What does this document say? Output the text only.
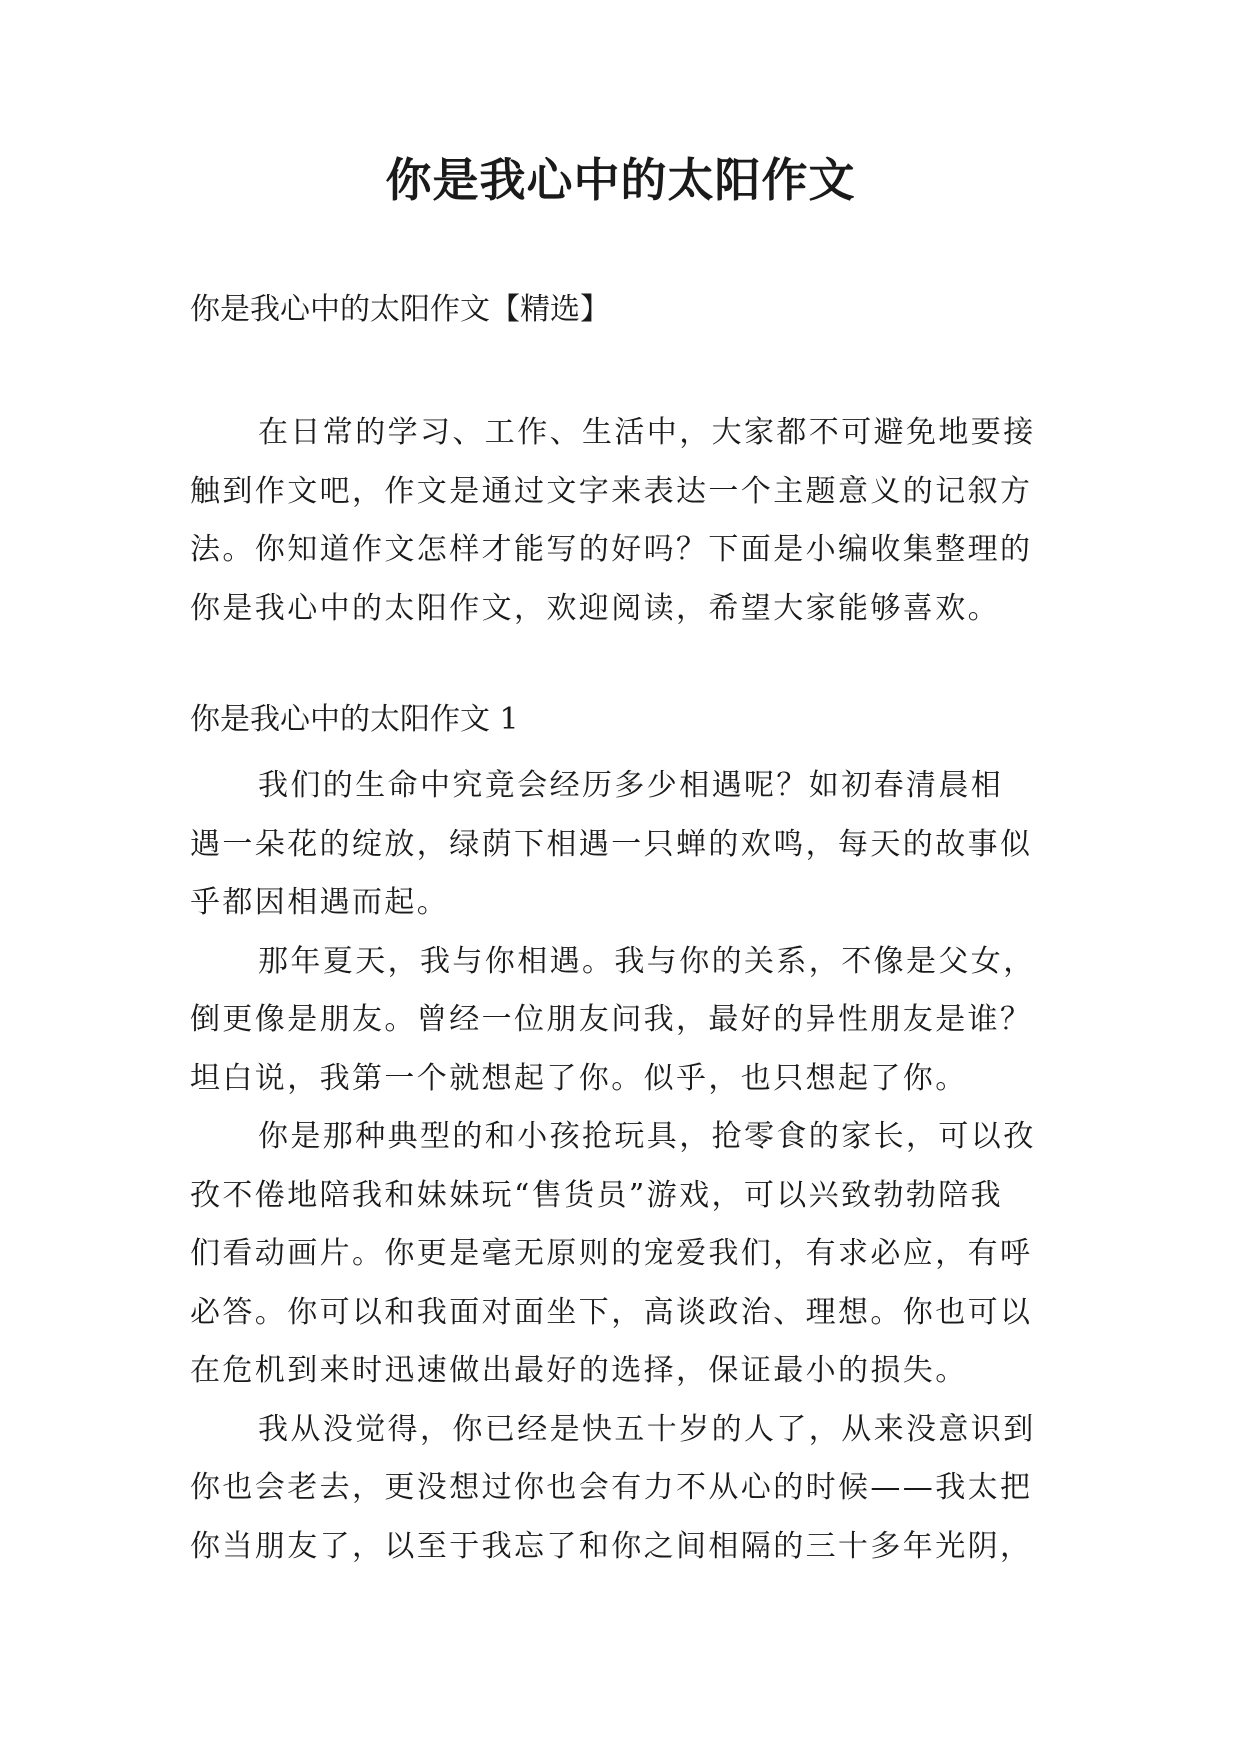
你是我心中的太阳作文
你是我心中的太阳作文【精选】

在日常的学习、工作、生活中，大家都不可避免地要接
触到作文吧，作文是通过文字来表达一个主题意义的记叙方
法。你知道作文怎样才能写的好吗？下面是小编收集整理的
你是我心中的太阳作文，欢迎阅读，希望大家能够喜欢。

你是我心中的太阳作文 1

我们的生命中究竟会经历多少相遇呢？如初春清晨相
遇一朵花的绽放，绿荫下相遇一只蝉的欢鸣，每天的故事似
乎都因相遇而起。

那年夏天，我与你相遇。我与你的关系，不像是父女，
倒更像是朋友。曾经一位朋友问我，最好的异性朋友是谁？
坦白说，我第一个就想起了你。似乎，也只想起了你。

你是那种典型的和小孩抢玩具，抢零食的家长，可以孜
孜不倦地陪我和妹妹玩“售货员”游戏，可以兴致勃勃陪我
们看动画片。你更是毫无原则的宠爱我们，有求必应，有呼
必答。你可以和我面对面坐下，高谈政治、理想。你也可以
在危机到来时迅速做出最好的选择，保证最小的损失。

我从没觉得，你已经是快五十岁的人了，从来没意识到
你也会老去，更没想过你也会有力不从心的时候——我太把
你当朋友了，以至于我忘了和你之间相隔的三十多年光阴，
